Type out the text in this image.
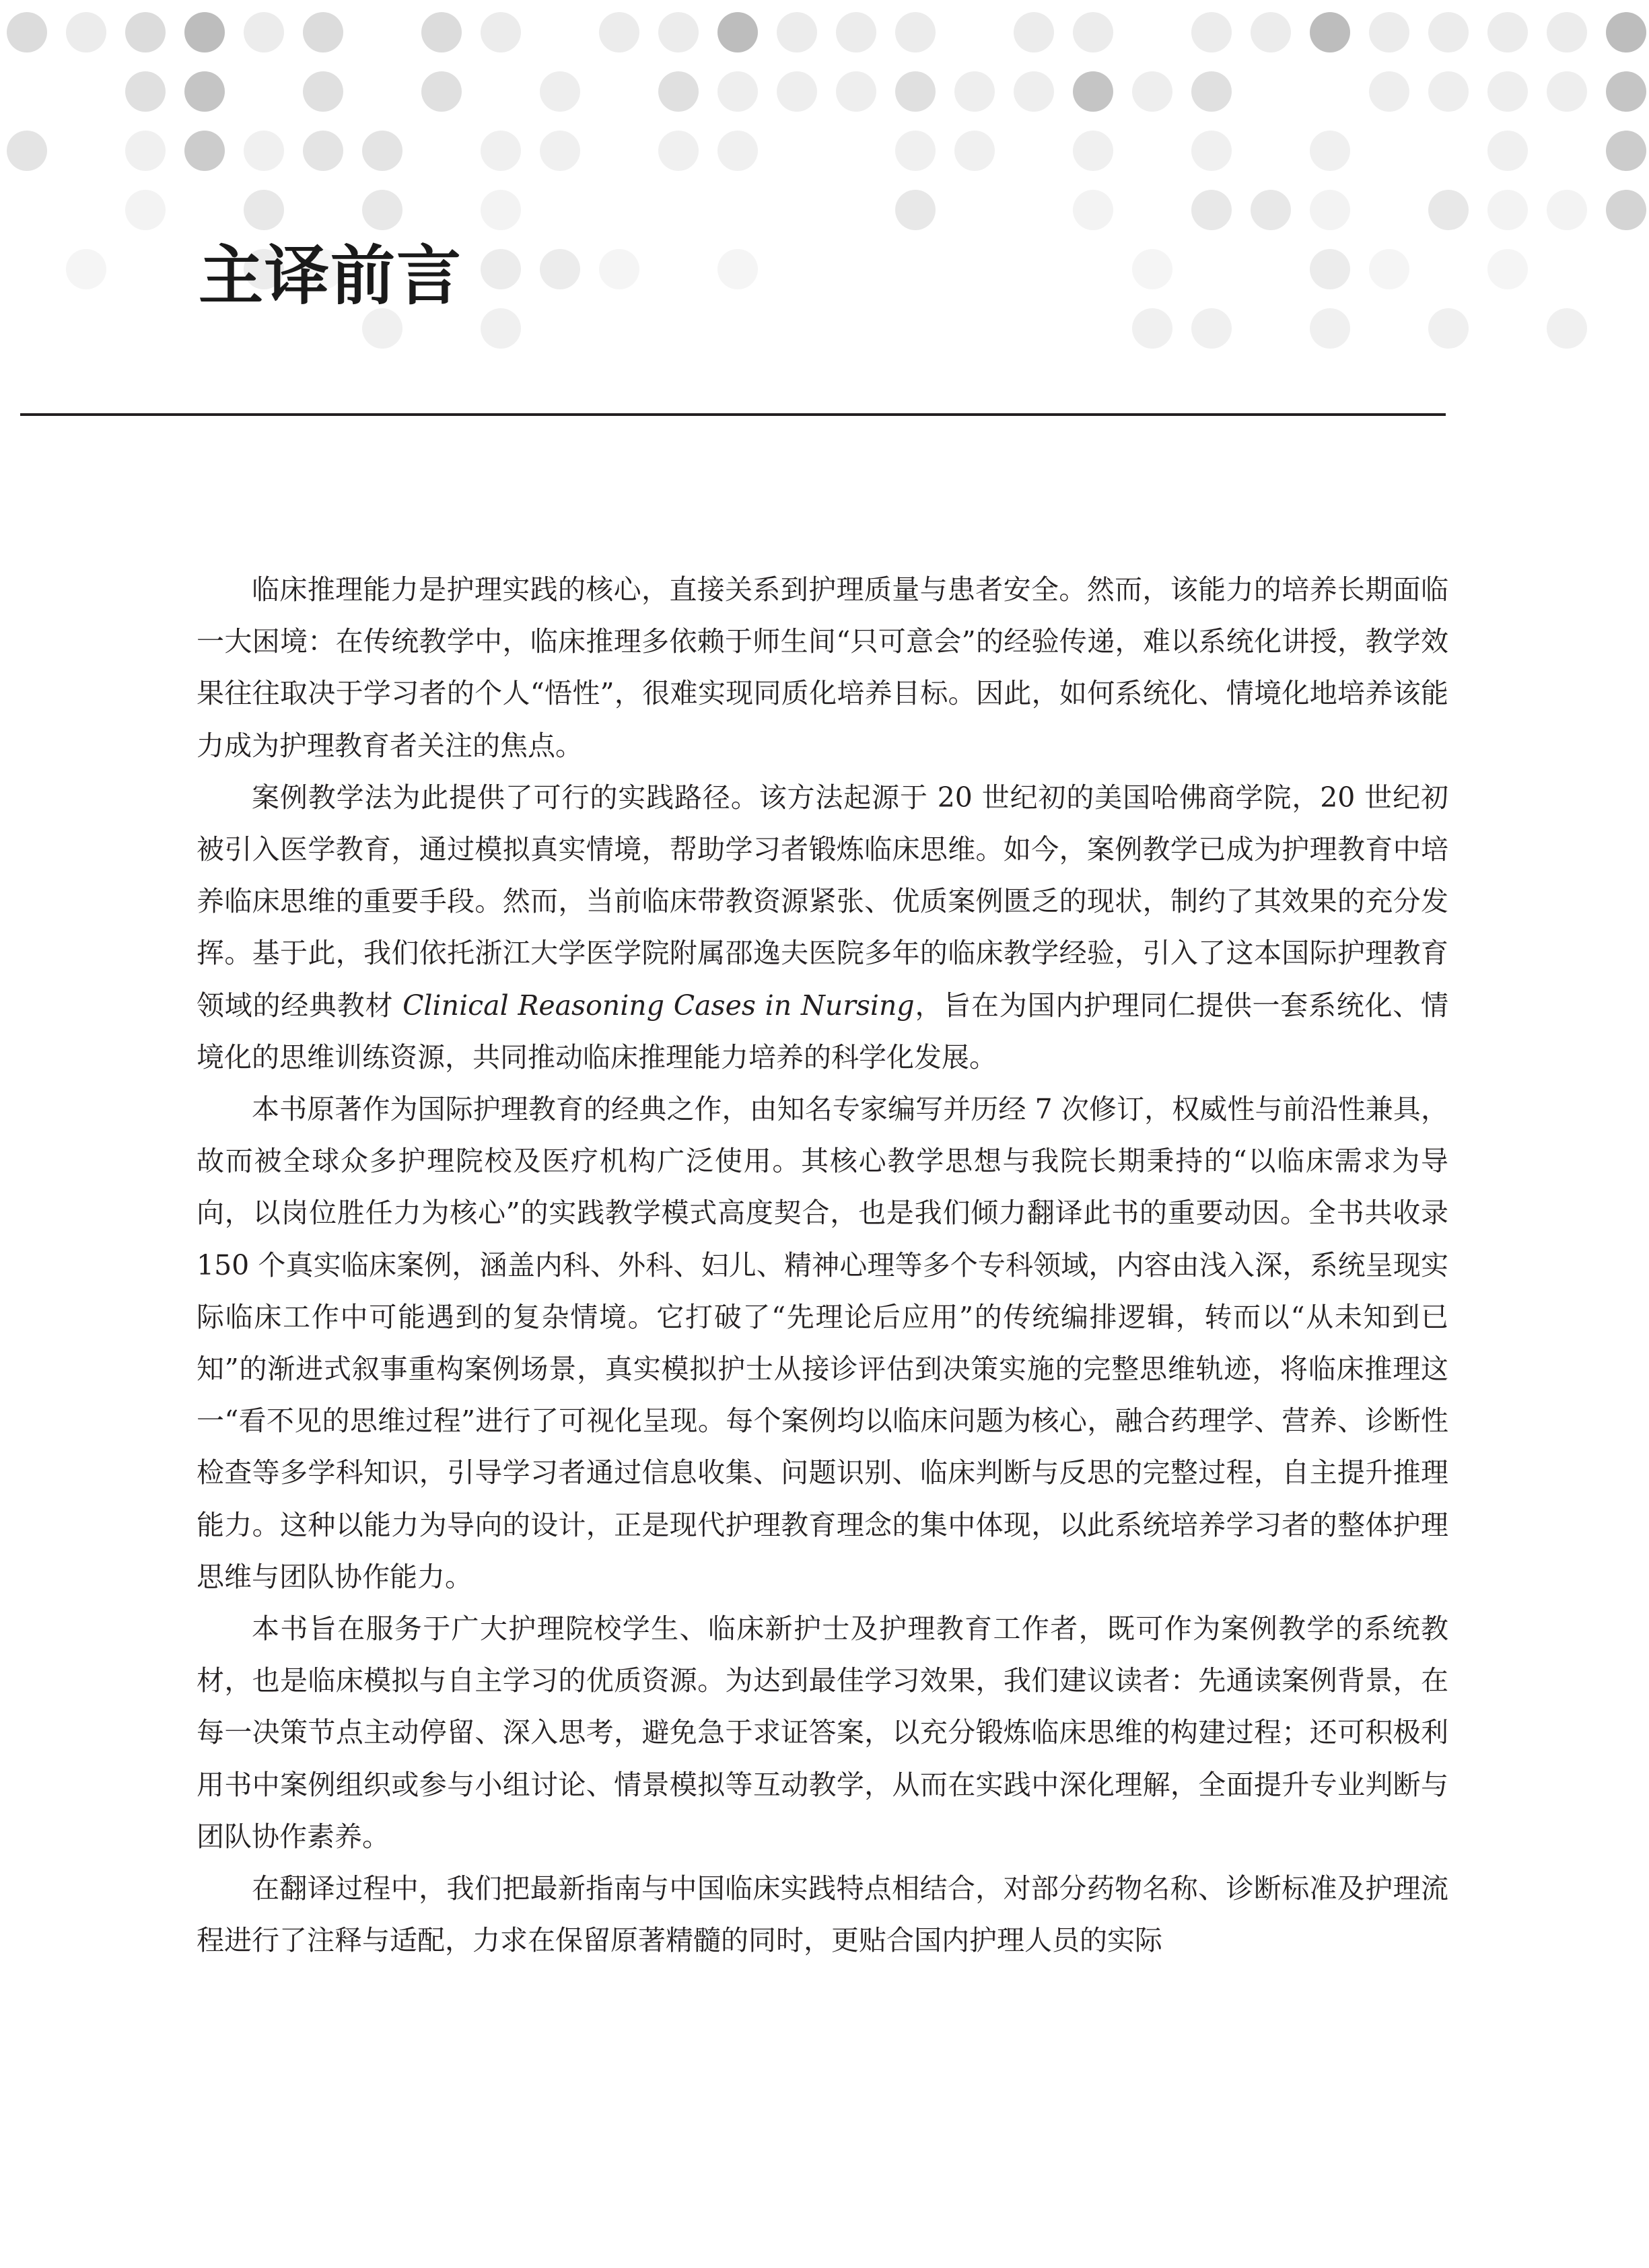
主译前言

临床推理能力是护理实践的核心，直接关系到护理质量与患者安全。然而，该能力的培养长期面临一大困境：在传统教学中，临床推理多依赖于师生间“只可意会”的经验传递，难以系统化讲授，教学效果往往取决于学习者的个人“悟性”，很难实现同质化培养目标。因此，如何系统化、情境化地培养该能力成为护理教育者关注的焦点。

案例教学法为此提供了可行的实践路径。该方法起源于 20 世纪初的美国哈佛商学院，20 世纪初被引入医学教育，通过模拟真实情境，帮助学习者锻炼临床思维。如今，案例教学已成为护理教育中培养临床思维的重要手段。然而，当前临床带教资源紧张、优质案例匮乏的现状，制约了其效果的充分发挥。基于此，我们依托浙江大学医学院附属邵逸夫医院多年的临床教学经验，引入了这本国际护理教育领域的经典教材 Clinical Reasoning Cases in Nursing，旨在为国内护理同仁提供一套系统化、情境化的思维训练资源，共同推动临床推理能力培养的科学化发展。

本书原著作为国际护理教育的经典之作，由知名专家编写并历经 7 次修订，权威性与前沿性兼具，故而被全球众多护理院校及医疗机构广泛使用。其核心教学思想与我院长期秉持的“以临床需求为导向，以岗位胜任力为核心”的实践教学模式高度契合，也是我们倾力翻译此书的重要动因。全书共收录 150 个真实临床案例，涵盖内科、外科、妇儿、精神心理等多个专科领域，内容由浅入深，系统呈现实际临床工作中可能遇到的复杂情境。它打破了“先理论后应用”的传统编排逻辑，转而以“从未知到已知”的渐进式叙事重构案例场景，真实模拟护士从接诊评估到决策实施的完整思维轨迹，将临床推理这一“看不见的思维过程”进行了可视化呈现。每个案例均以临床问题为核心，融合药理学、营养、诊断性检查等多学科知识，引导学习者通过信息收集、问题识别、临床判断与反思的完整过程，自主提升推理能力。这种以能力为导向的设计，正是现代护理教育理念的集中体现，以此系统培养学习者的整体护理思维与团队协作能力。

本书旨在服务于广大护理院校学生、临床新护士及护理教育工作者，既可作为案例教学的系统教材，也是临床模拟与自主学习的优质资源。为达到最佳学习效果，我们建议读者：先通读案例背景，在每一决策节点主动停留、深入思考，避免急于求证答案，以充分锻炼临床思维的构建过程；还可积极利用书中案例组织或参与小组讨论、情景模拟等互动教学，从而在实践中深化理解，全面提升专业判断与团队协作素养。

在翻译过程中，我们把最新指南与中国临床实践特点相结合，对部分药物名称、诊断标准及护理流程进行了注释与适配，力求在保留原著精髓的同时，更贴合国内护理人员的实际
